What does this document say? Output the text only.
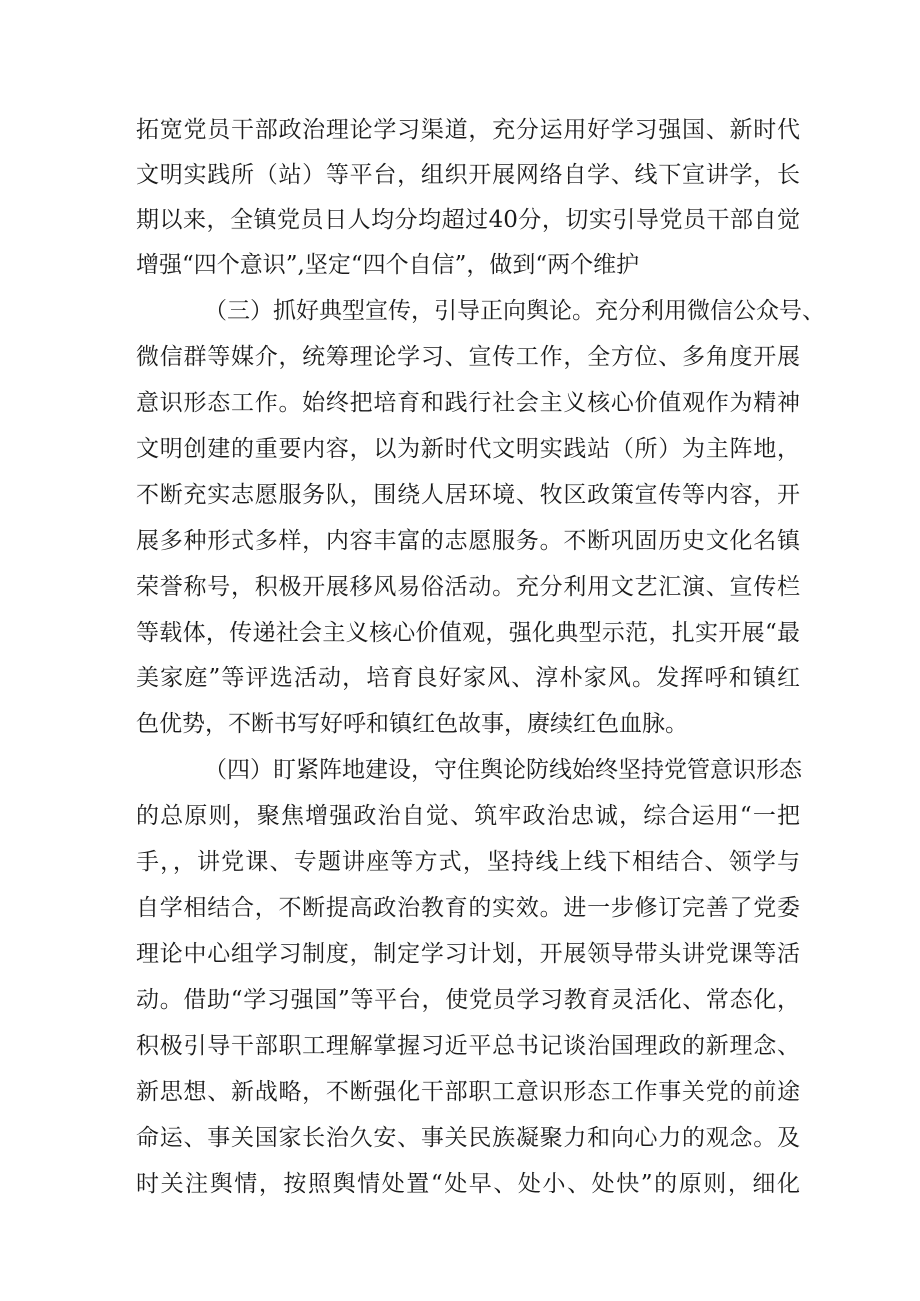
拓宽党员干部政治理论学习渠道，充分运用好学习强国、新时代
文明实践所（站）等平台，组织开展网络自学、线下宣讲学，长
期以来，全镇党员日人均分均超过40分，切实引导党员干部自觉
增强“四个意识”,坚定“四个自信”，做到“两个维护
（三）抓好典型宣传，引导正向舆论。充分利用微信公众号、
微信群等媒介，统筹理论学习、宣传工作，全方位、多角度开展
意识形态工作。始终把培育和践行社会主义核心价值观作为精神
文明创建的重要内容，以为新时代文明实践站（所）为主阵地，
不断充实志愿服务队，围绕人居环境、牧区政策宣传等内容，开
展多种形式多样，内容丰富的志愿服务。不断巩固历史文化名镇
荣誉称号，积极开展移风易俗活动。充分利用文艺汇演、宣传栏
等载体，传递社会主义核心价值观，强化典型示范，扎实开展“最
美家庭”等评选活动，培育良好家风、淳朴家风。发挥呼和镇红
色优势，不断书写好呼和镇红色故事，赓续红色血脉。
（四）盯紧阵地建设，守住舆论防线始终坚持党管意识形态
的总原则，聚焦增强政治自觉、筑牢政治忠诚，综合运用“一把
手，，讲党课、专题讲座等方式，坚持线上线下相结合、领学与
自学相结合，不断提高政治教育的实效。进一步修订完善了党委
理论中心组学习制度，制定学习计划，开展领导带头讲党课等活
动。借助“学习强国”等平台，使党员学习教育灵活化、常态化，
积极引导干部职工理解掌握习近平总书记谈治国理政的新理念、
新思想、新战略，不断强化干部职工意识形态工作事关党的前途
命运、事关国家长治久安、事关民族凝聚力和向心力的观念。及
时关注舆情，按照舆情处置“处早、处小、处快”的原则，细化
